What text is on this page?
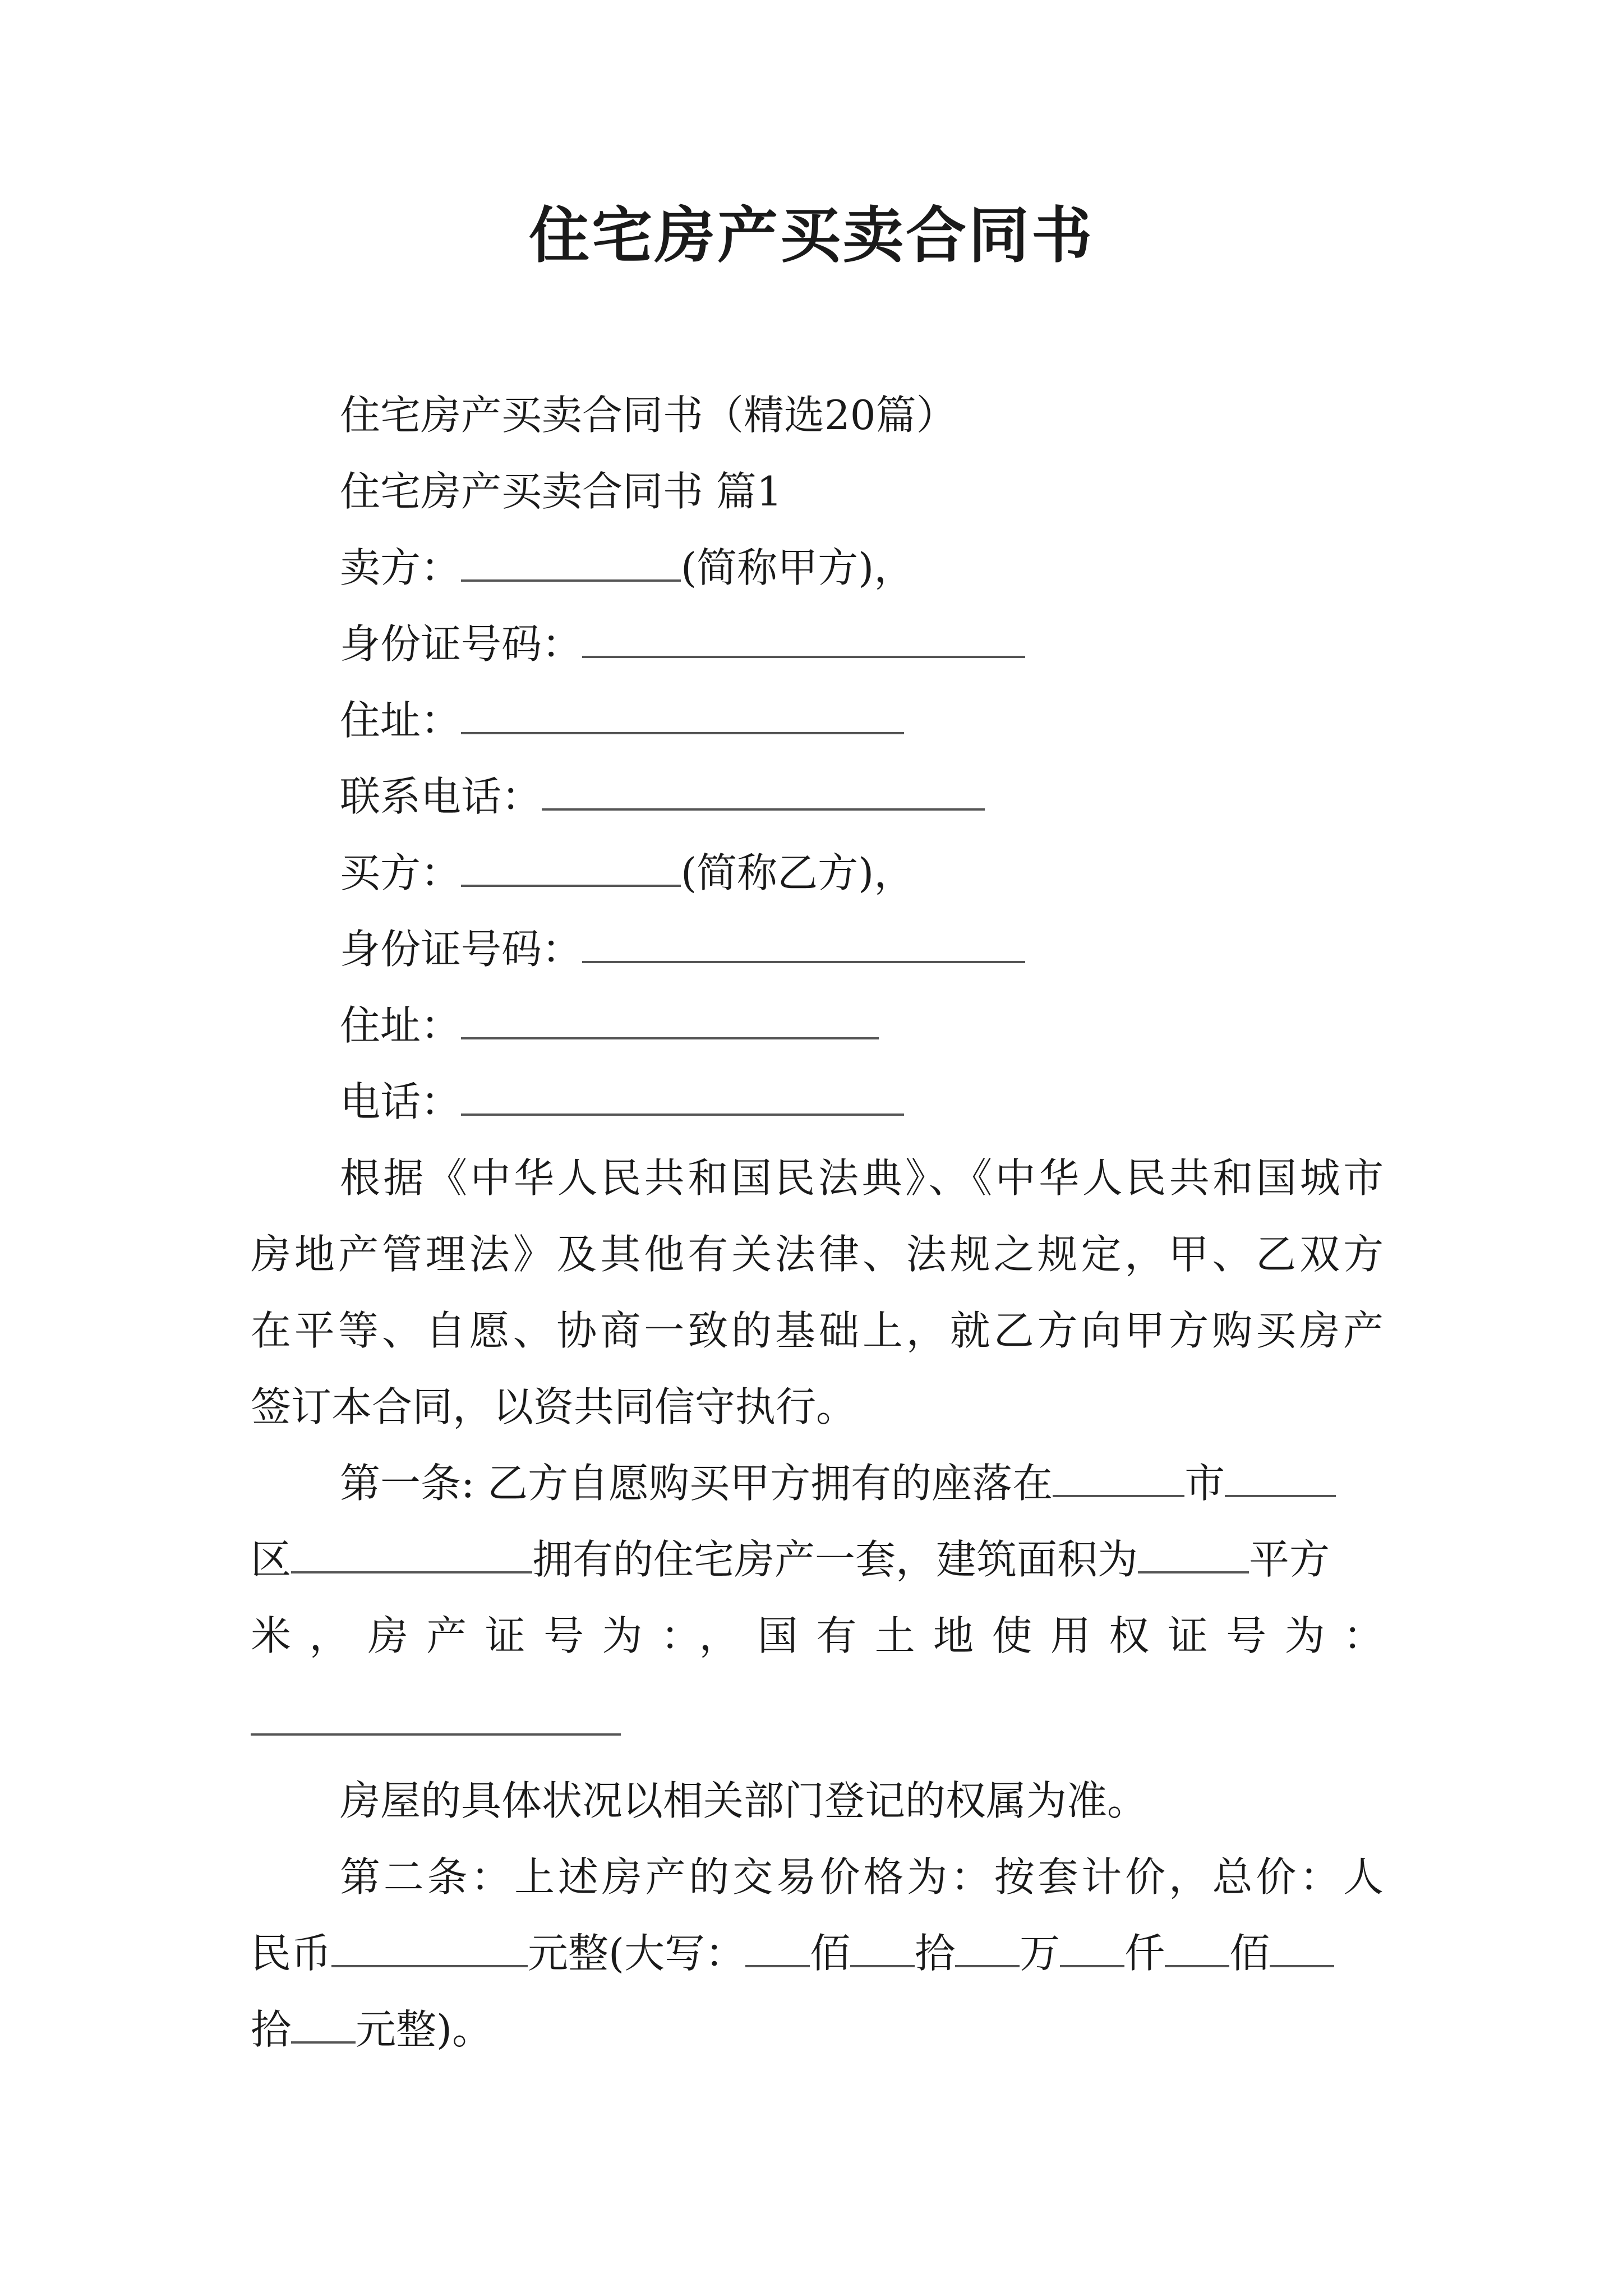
住宅房产买卖合同书

住宅房产买卖合同书（精选20篇）

住宅房产买卖合同书 篇1

卖方：	(简称甲方)，

身份证号码：

住址：

联系电话：

买方：	(简称乙方)，

身份证号码：

住址：

电话：

根据《中华人民共和国民法典》、《中华人民共和国城市

房地产管理法》及其他有关法律、法规之规定，甲、乙双方

在平等、自愿、协商一致的基础上，就乙方向甲方购买房产

签订本合同，以资共同信守执行。

第一条: 乙方自愿购买甲方拥有的座落在	市

区	拥有的住宅房产一套，建筑面积为	平方

米，房产证号为：，国有土地使用权证号为：

房屋的具体状况以相关部门登记的权属为准。

第二条：上述房产的交易价格为：按套计价，总价：人

民币	元整(大写： 佰 拾 万 仟 佰

拾 元整)。
